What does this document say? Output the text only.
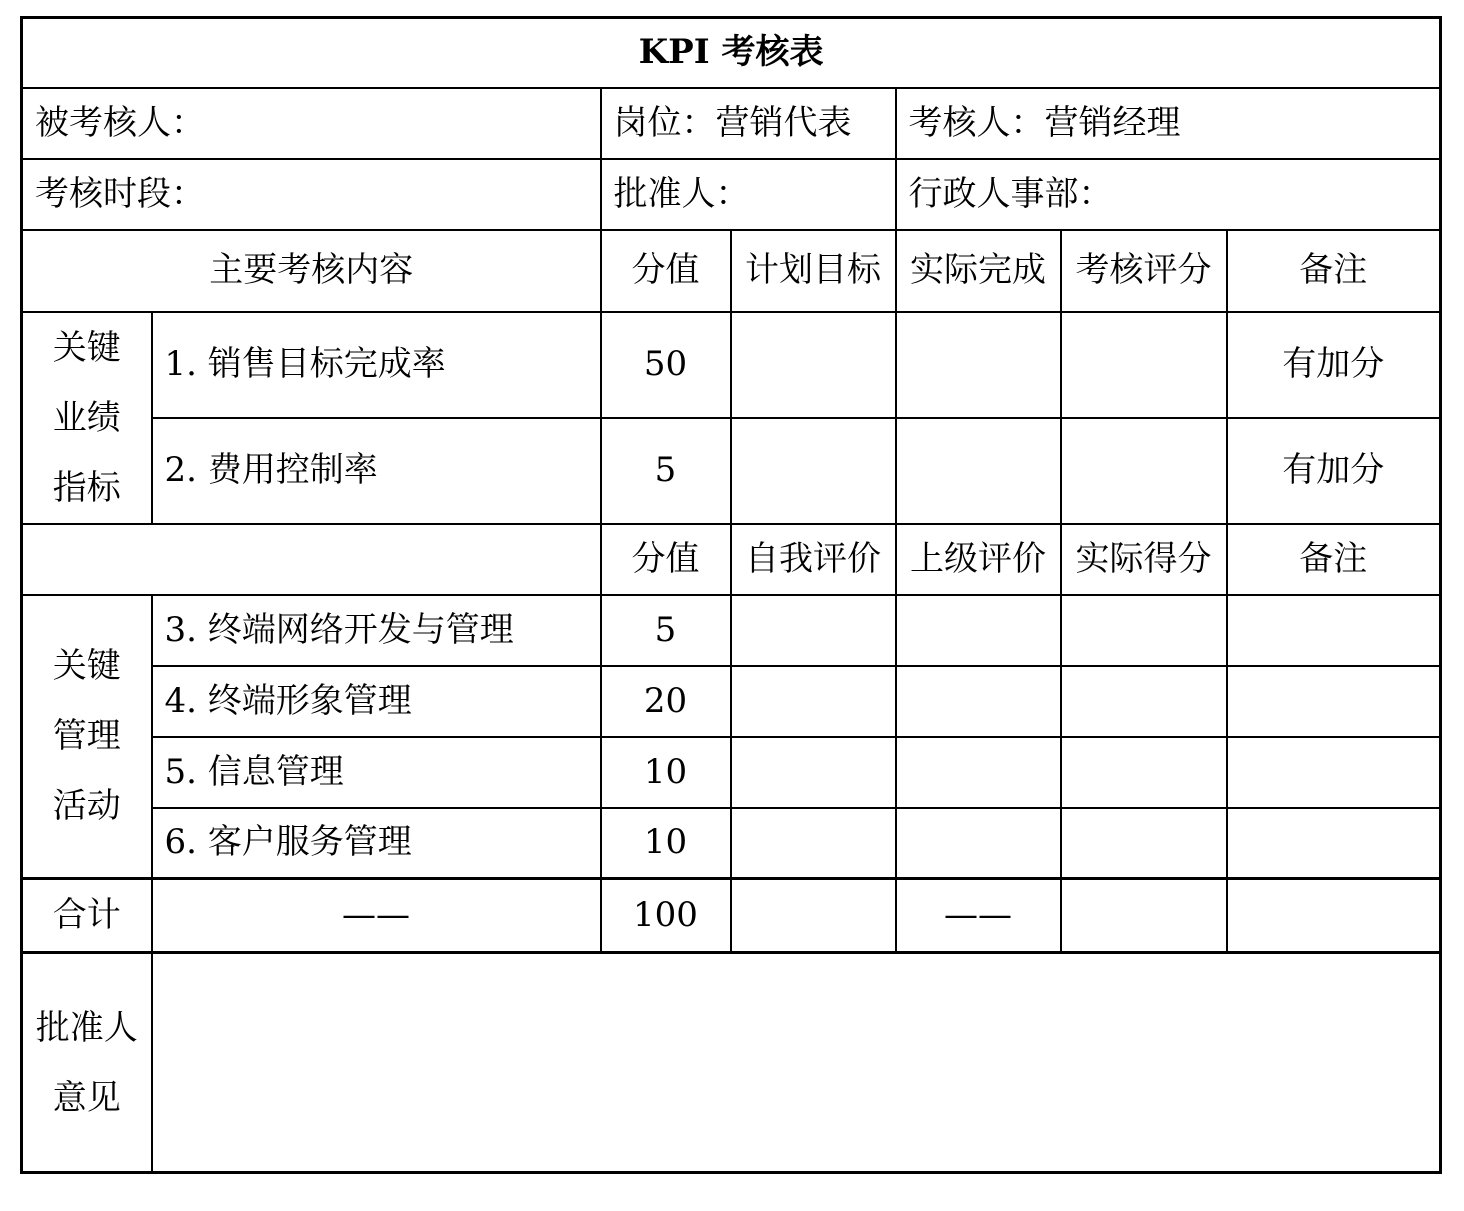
KPI 考核表						
被考核人：		岗位：营销代表		考核人：营销经理		
考核时段：		批准人：		行政人事部：		
主要考核内容		分值	计划目标	实际完成	考核评分	备注

关键
业绩
指标	1. 销售目标完成率	50				有加分
	2. 费用控制率	5				有加分
		分值	自我评价	上级评价	实际得分	备注

关键
管理
活动	3. 终端网络开发与管理	5				
	4. 终端形象管理	20				
	5. 信息管理	10				
	6. 客户服务管理	10				
合计	——	100		——		

批准人
意见						
